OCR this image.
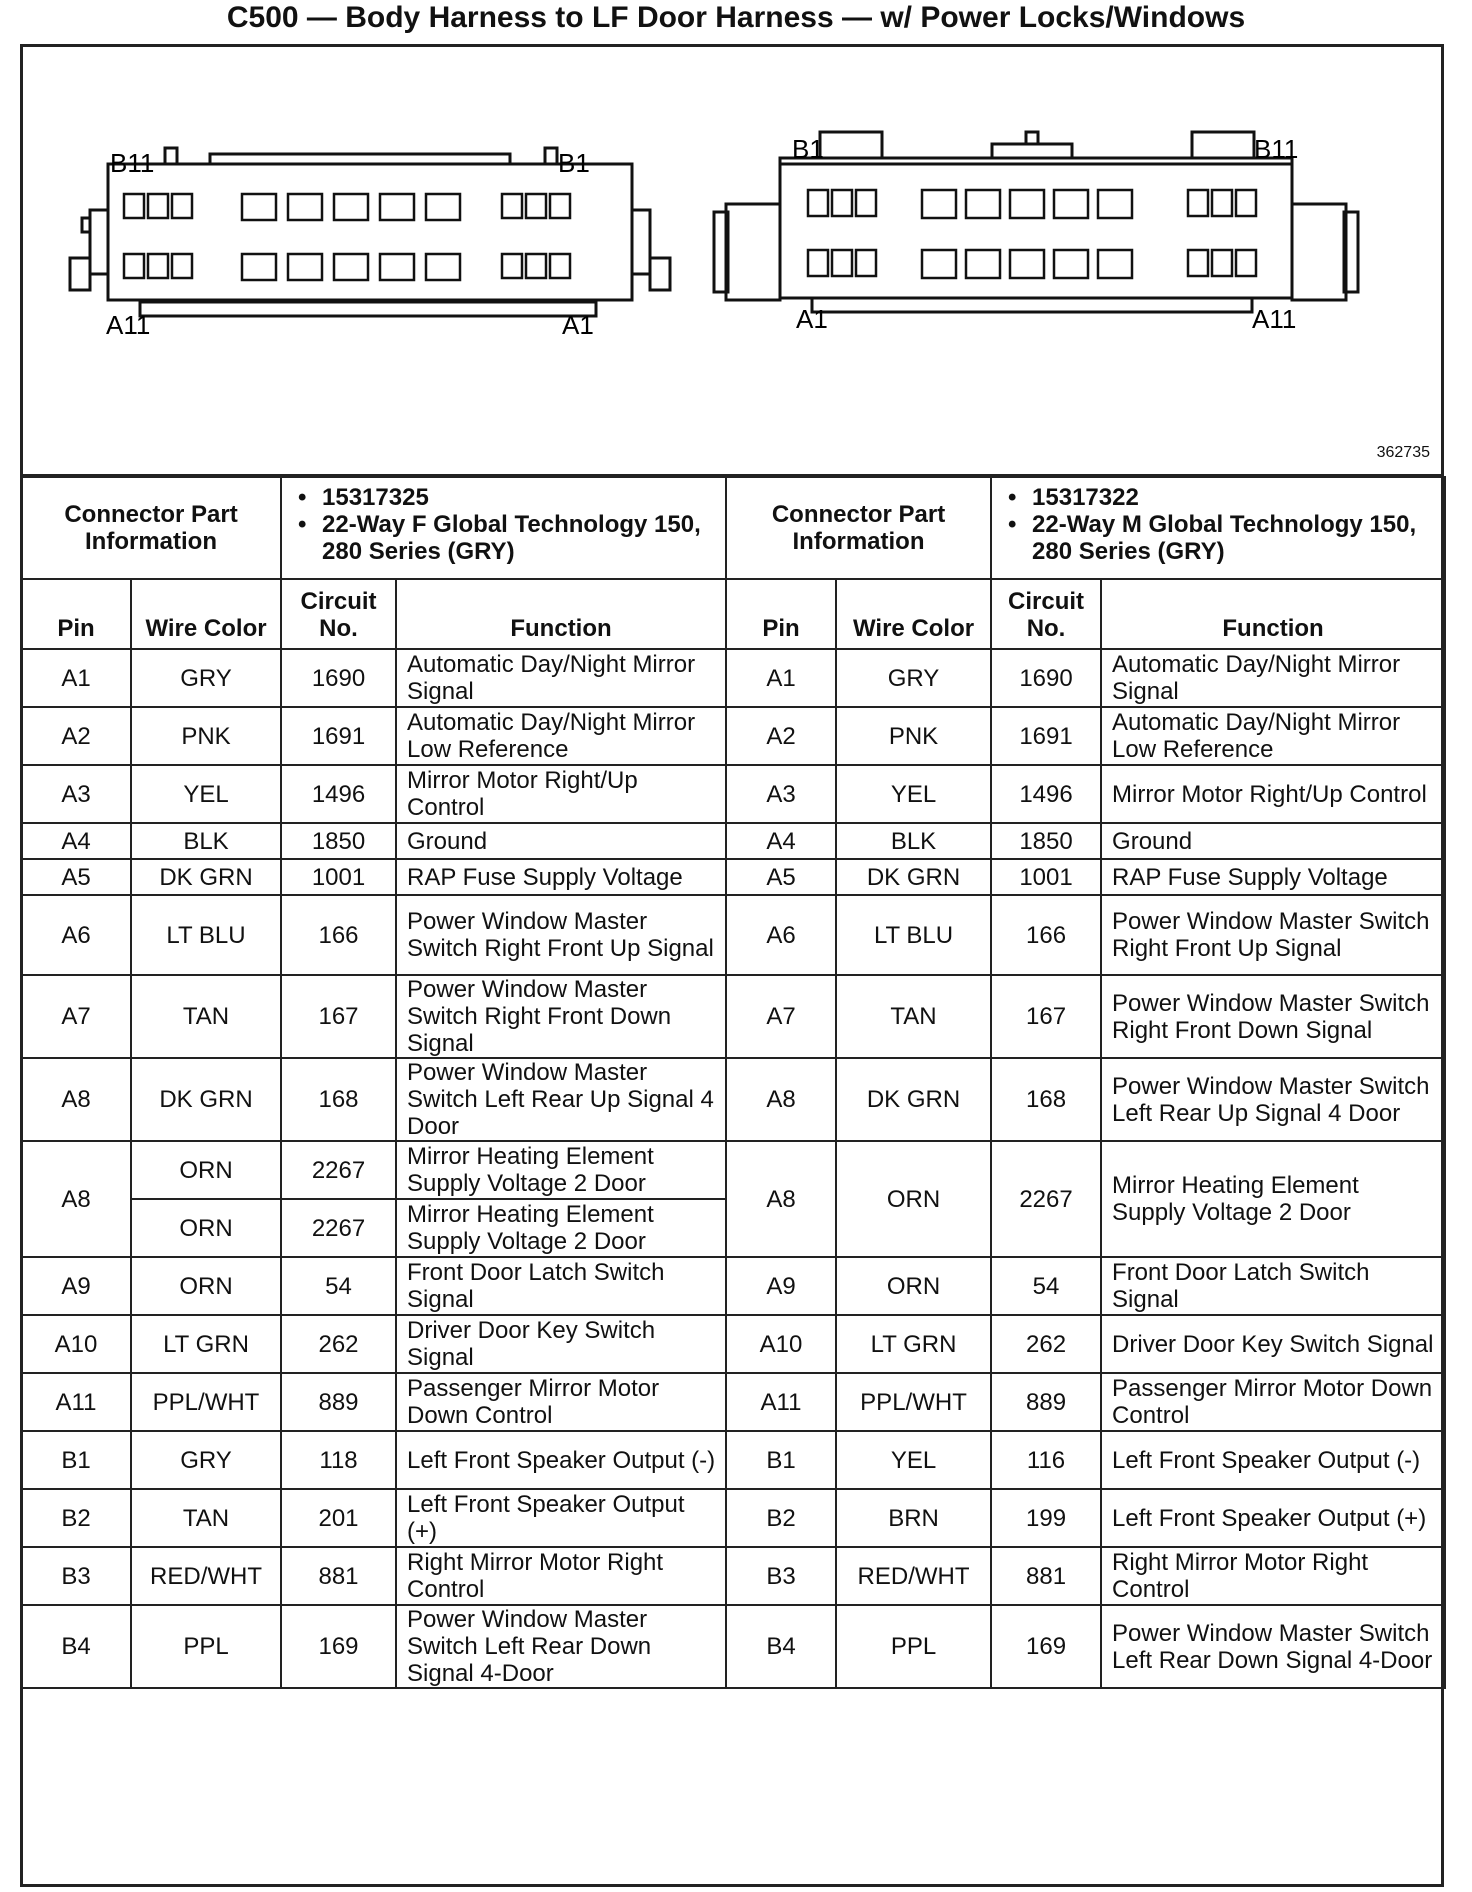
C500 — Body Harness to LF Door Harness — w/ Power Locks/Windows
B11	B1
A11	A1
B1	B11
A1	A11
362735
Connector Part Information		• 15317325
• 22-Way F Global Technology 150, 280 Series (GRY)		Connector Part Information		• 15317322
• 22-Way M Global Technology 150, 280 Series (GRY)

Pin	Wire Color	Circuit No.	Function	Pin	Wire Color	Circuit No.	Function
A1	GRY	1690	Automatic Day/Night Mirror Signal	A1	GRY	1690	Automatic Day/Night Mirror Signal
A2	PNK	1691	Automatic Day/Night Mirror Low Reference	A2	PNK	1691	Automatic Day/Night Mirror Low Reference
A3	YEL	1496	Mirror Motor Right/Up Control	A3	YEL	1496	Mirror Motor Right/Up Control
A4	BLK	1850	Ground	A4	BLK	1850	Ground
A5	DK GRN	1001	RAP Fuse Supply Voltage	A5	DK GRN	1001	RAP Fuse Supply Voltage
A6	LT BLU	166	Power Window Master Switch Right Front Up Signal	A6	LT BLU	166	Power Window Master Switch Right Front Up Signal
A7	TAN	167	Power Window Master Switch Right Front Down Signal	A7	TAN	167	Power Window Master Switch Right Front Down Signal
A8	DK GRN	168	Power Window Master Switch Left Rear Up Signal 4 Door	A8	DK GRN	168	Power Window Master Switch Left Rear Up Signal 4 Door
A8	ORN	2267	Mirror Heating Element Supply Voltage 2 Door	A8	ORN	2267	Mirror Heating Element Supply Voltage 2 Door
	ORN	2267	Mirror Heating Element Supply Voltage 2 Door				
A9	ORN	54	Front Door Latch Switch Signal	A9	ORN	54	Front Door Latch Switch Signal
A10	LT GRN	262	Driver Door Key Switch Signal	A10	LT GRN	262	Driver Door Key Switch Signal
A11	PPL/WHT	889	Passenger Mirror Motor Down Control	A11	PPL/WHT	889	Passenger Mirror Motor Down Control
B1	GRY	118	Left Front Speaker Output (-)	B1	YEL	116	Left Front Speaker Output (-)
B2	TAN	201	Left Front Speaker Output (+)	B2	BRN	199	Left Front Speaker Output (+)
B3	RED/WHT	881	Right Mirror Motor Right Control	B3	RED/WHT	881	Right Mirror Motor Right Control
B4	PPL	169	Power Window Master Switch Left Rear Down Signal 4-Door	B4	PPL	169	Power Window Master Switch Left Rear Down Signal 4-Door
